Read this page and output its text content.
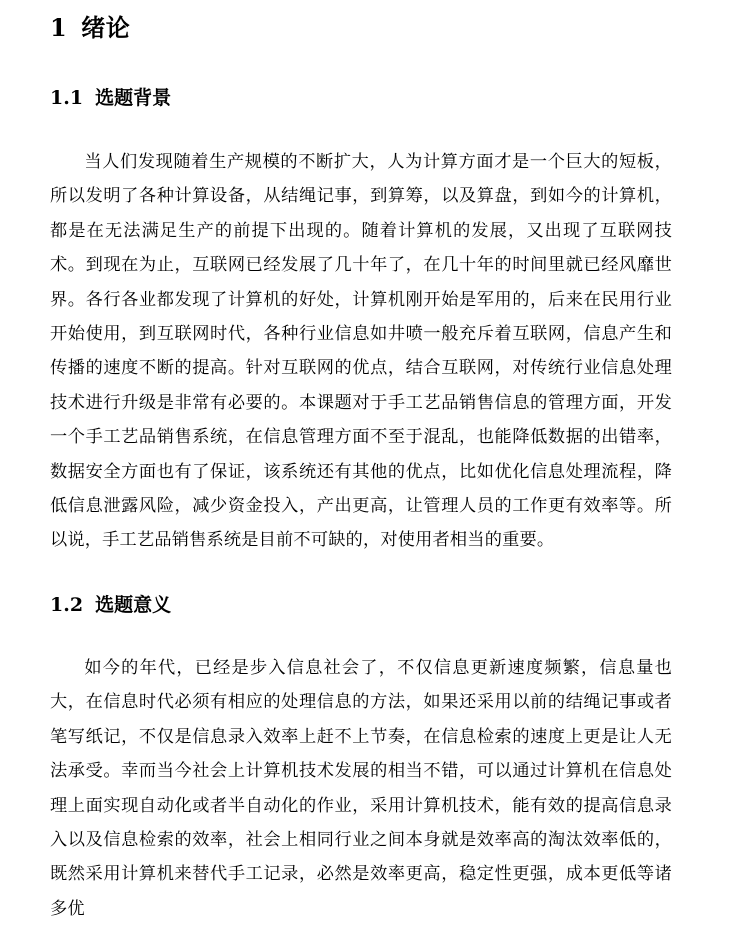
1 绪论
1.1 选题背景

当人们发现随着生产规模的不断扩大，人为计算方面才是一个巨大的短板，所以发明了各种计算设备，从结绳记事，到算筹，以及算盘，到如今的计算机，都是在无法满足生产的前提下出现的。随着计算机的发展，又出现了互联网技术。到现在为止，互联网已经发展了几十年了，在几十年的时间里就已经风靡世界。各行各业都发现了计算机的好处，计算机刚开始是军用的，后来在民用行业开始使用，到互联网时代，各种行业信息如井喷一般充斥着互联网，信息产生和传播的速度不断的提高。针对互联网的优点，结合互联网，对传统行业信息处理技术进行升级是非常有必要的。本课题对于手工艺品销售信息的管理方面，开发一个手工艺品销售系统，在信息管理方面不至于混乱，也能降低数据的出错率，数据安全方面也有了保证，该系统还有其他的优点，比如优化信息处理流程，降低信息泄露风险，减少资金投入，产出更高，让管理人员的工作更有效率等。所以说，手工艺品销售系统是目前不可缺的，对使用者相当的重要。

1.2 选题意义

如今的年代，已经是步入信息社会了，不仅信息更新速度频繁，信息量也大，在信息时代必须有相应的处理信息的方法，如果还采用以前的结绳记事或者笔写纸记，不仅是信息录入效率上赶不上节奏，在信息检索的速度上更是让人无法承受。幸而当今社会上计算机技术发展的相当不错，可以通过计算机在信息处理上面实现自动化或者半自动化的作业，采用计算机技术，能有效的提高信息录入以及信息检索的效率，社会上相同行业之间本身就是效率高的淘汰效率低的，既然采用计算机来替代手工记录，必然是效率更高，稳定性更强，成本更低等诸多优
